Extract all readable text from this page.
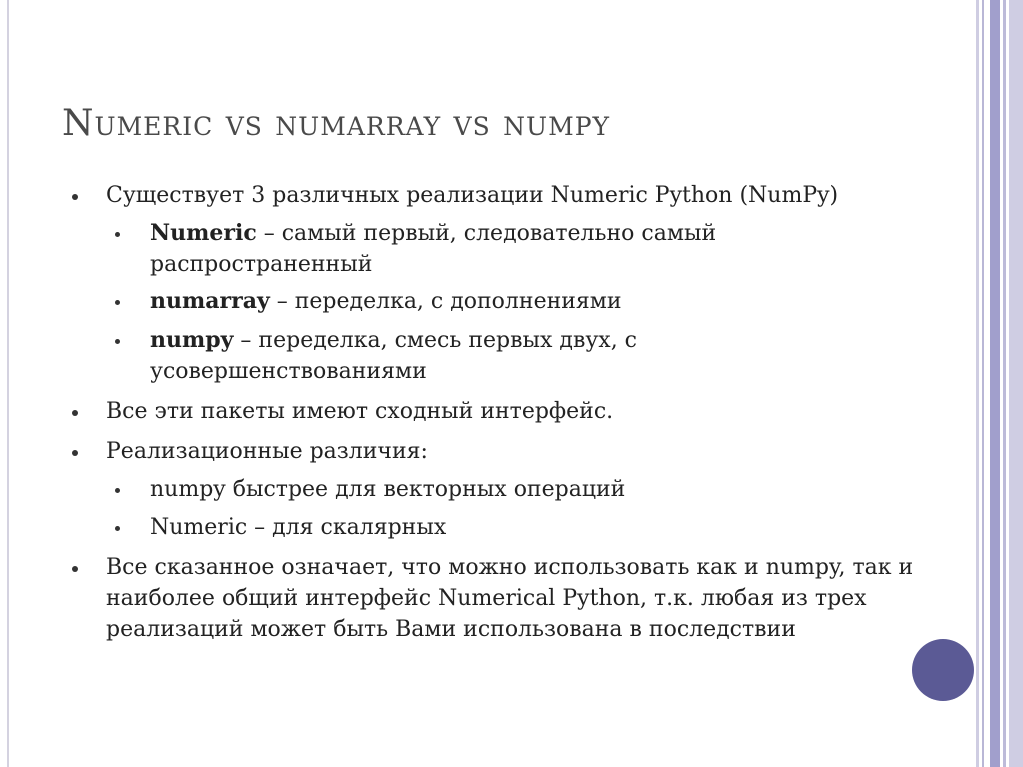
Numeric vs numarray vs numpy
Существует 3 различных реализации Numeric Python (NumPy)
Numeric – самый первый, следовательно самый
распространенный
numarray – переделка, с дополнениями
numpy – переделка, смесь первых двух, с
усовершенствованиями
Все эти пакеты имеют сходный интерфейс.
Реализационные различия:
numpy быстрее для векторных операций
Numeric – для скалярных
Все сказанное означает, что можно использовать как и numpy, так и
наиболее общий интерфейс Numerical Python, т.к. любая из трех
реализаций может быть Вами использована в последствии
